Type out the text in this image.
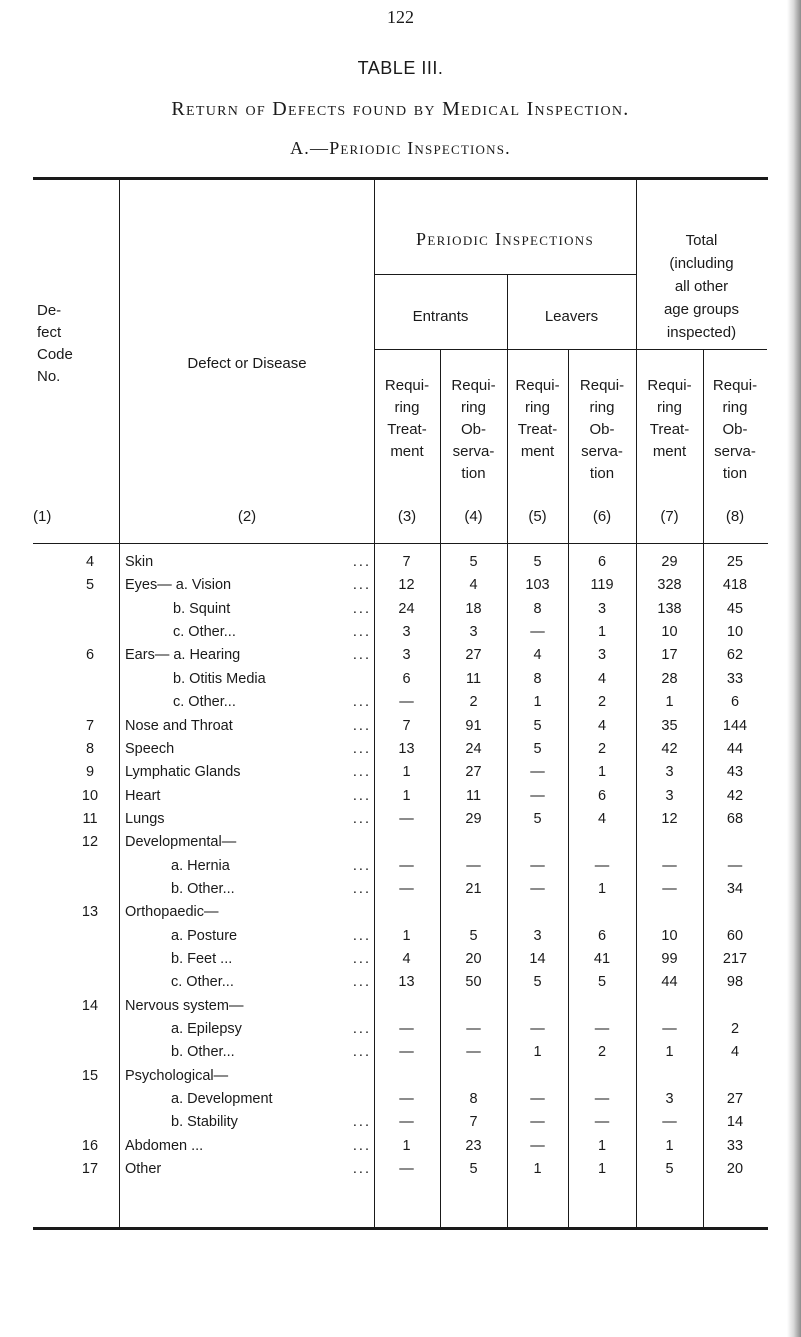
122
TABLE III.
Return of Defects found by Medical Inspection.
A.—Periodic Inspections.
De-
fect
Code
No.
(1)
Defect or Disease
(2)
Periodic Inspections	Total
(including
all other
age groups
inspected)
Entrants	Leavers
Requi-
ring
Treat-
ment
Requi-
ring
Ob-
serva-
tion
Requi-
ring
Treat-
ment
Requi-
ring
Ob-
serva-
tion
Requi-
ring
Treat-
ment
Requi-
ring
Ob-
serva-
tion
(3)	(4)	(5)	(6)	(7)	(8)
4	Skin	...	7	5	5	6	29	25
5	Eyes— a. Vision	...	12	4	103	119	328	418
b. Squint	...	24	18	8	3	138	45
c. Other...	...	3	3	—	1	10	10
6	Ears— a. Hearing	...	3	27	4	3	17	62
b. Otitis Media	6	11	8	4	28	33
c. Other...	...	—	2	1	2	1	6
7	Nose and Throat	...	7	91	5	4	35	144
8	Speech	...	13	24	5	2	42	44
9	Lymphatic Glands	...	1	27	—	1	3	43
10	Heart	...	1	11	—	6	3	42
11	Lungs	...	—	29	5	4	12	68
12	Developmental—
a. Hernia	...	—	—	—	—	—	—
b. Other...	...	—	21	—	1	—	34
13	Orthopaedic—
a. Posture	...	1	5	3	6	10	60
b. Feet ...	...	4	20	14	41	99	217
c. Other...	...	13	50	5	5	44	98
14	Nervous system—
a. Epilepsy	...	—	—	—	—	—	2
b. Other...	...	—	—	1	2	1	4
15	Psychological—
a. Development	—	8	—	—	3	27
b. Stability	...	—	7	—	—	—	14
16	Abdomen ...	...	1	23	—	1	1	33
17	Other	...	—	5	1	1	5	20
